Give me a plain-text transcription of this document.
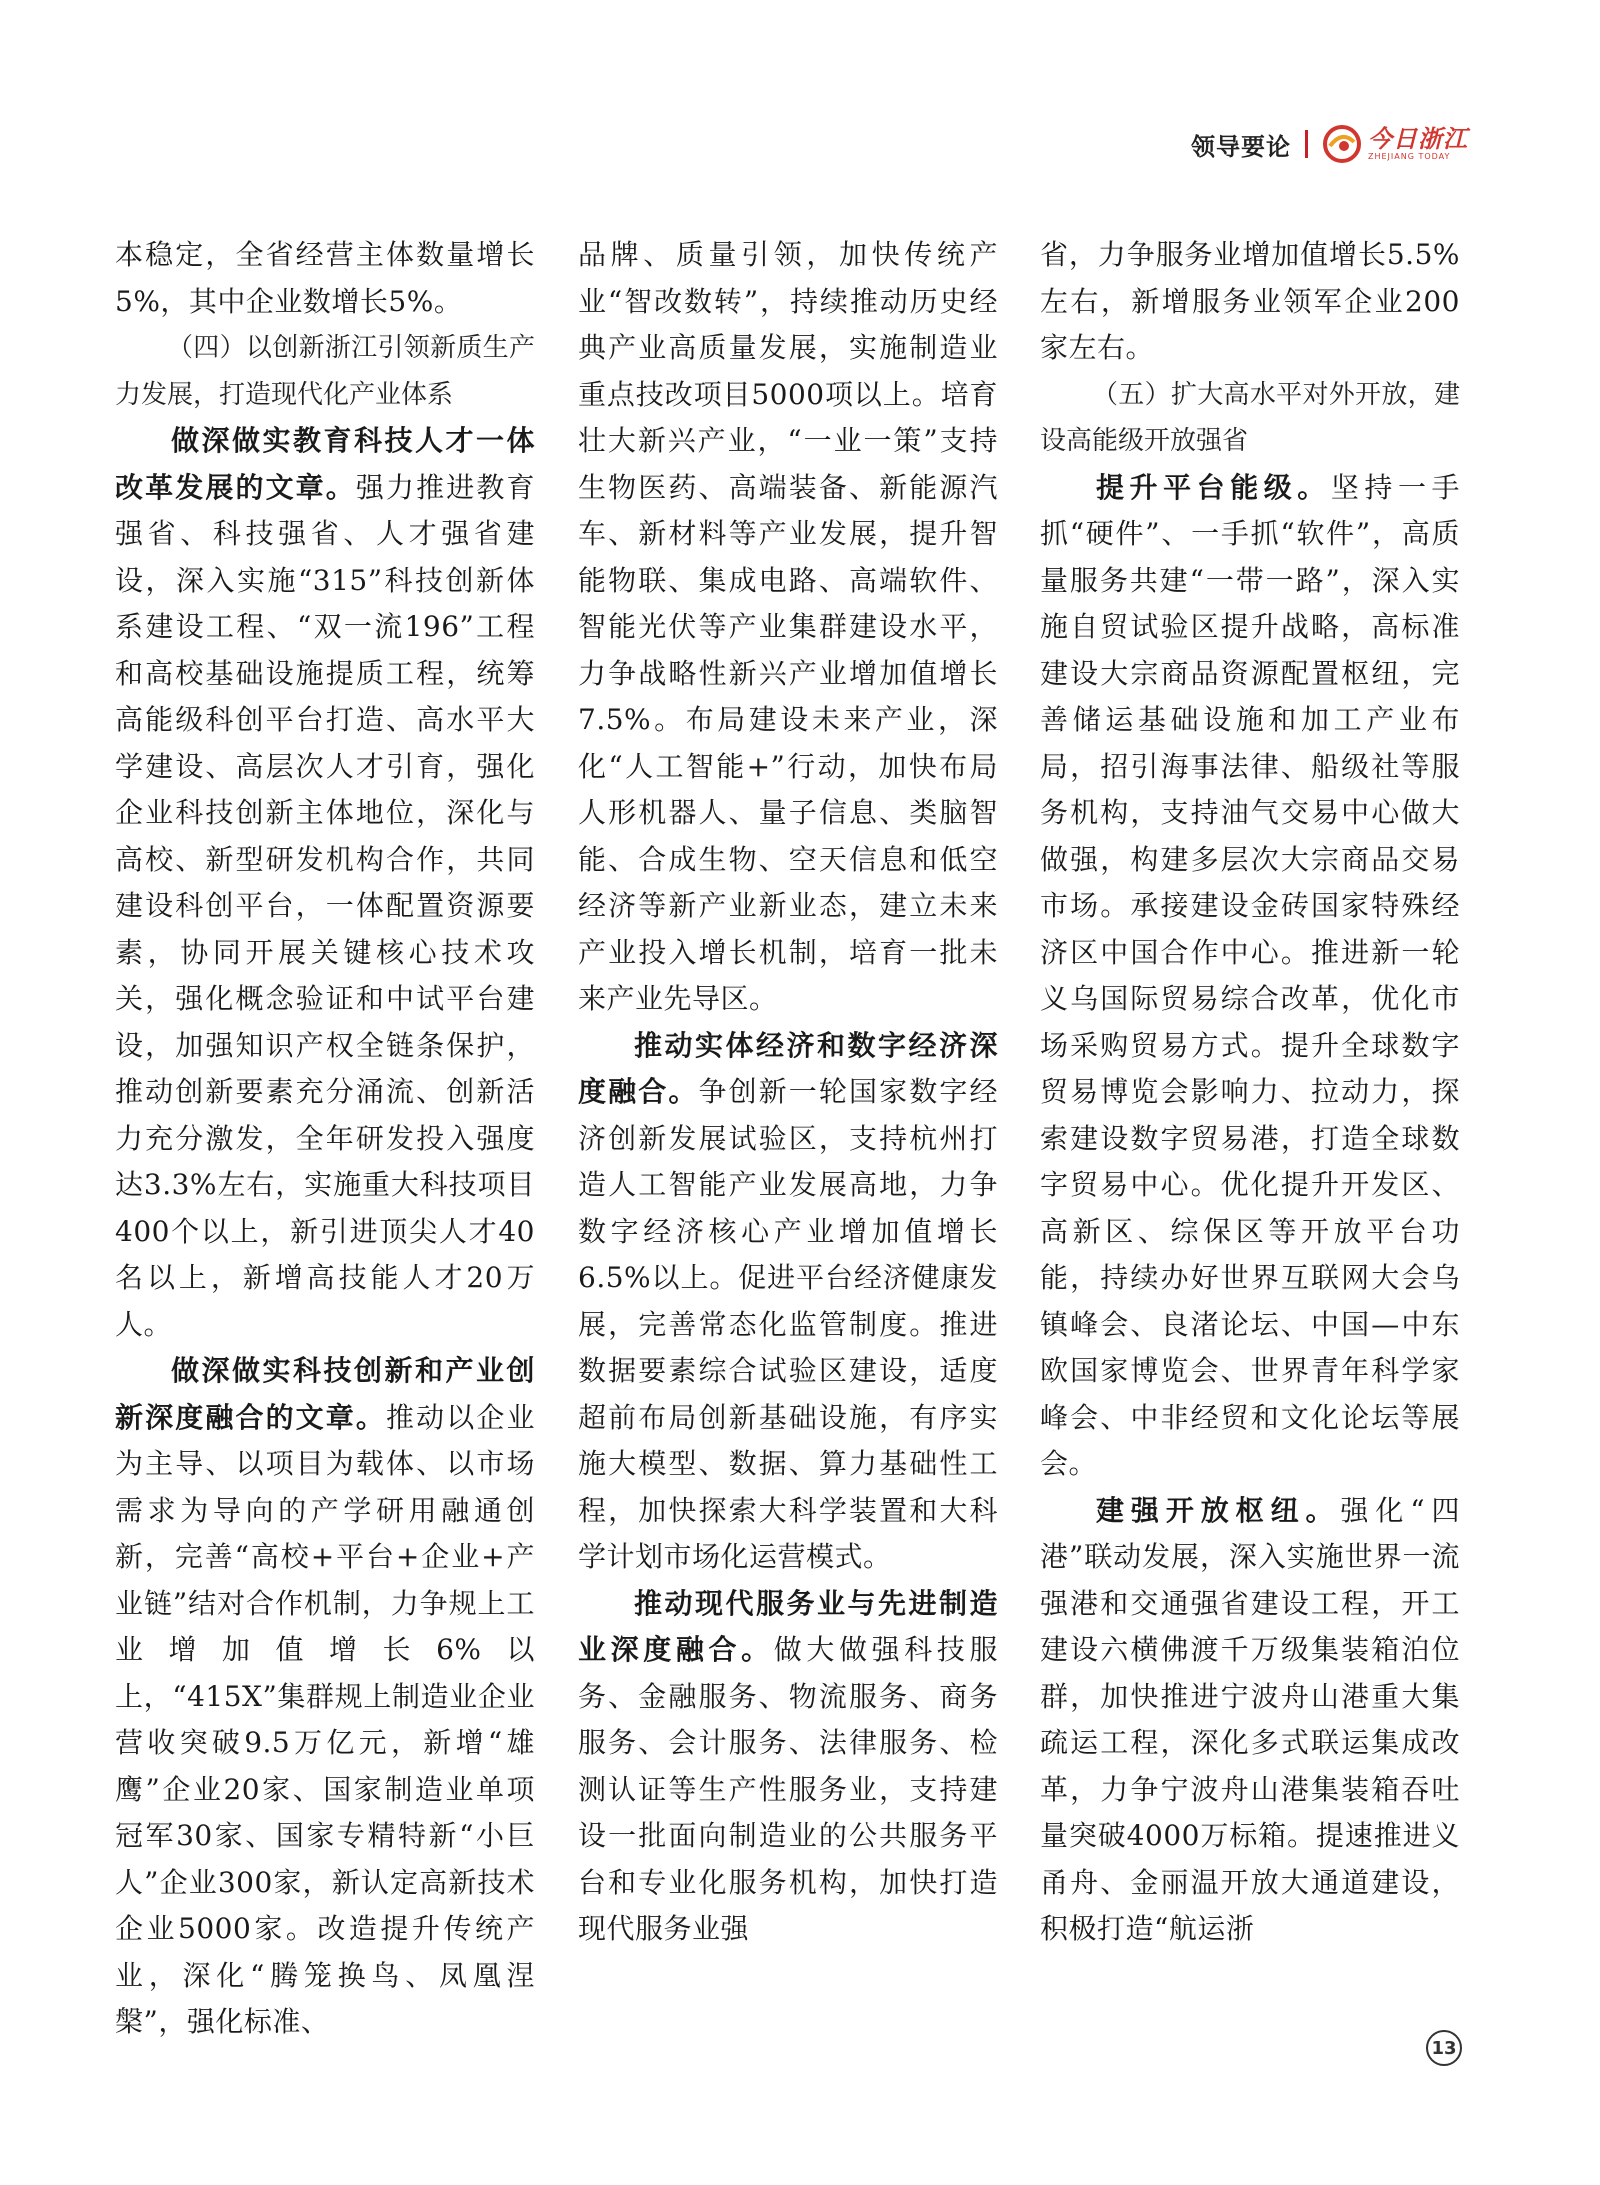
领导要论	今日浙江
ZHEJIANG TODAY

本稳定，全省经营主体数量增长5%，其中企业数增长5%。

（四）以创新浙江引领新质生产力发展，打造现代化产业体系

做深做实教育科技人才一体改革发展的文章。强力推进教育强省、科技强省、人才强省建设，深入实施“315”科技创新体系建设工程、“双一流196”工程和高校基础设施提质工程，统筹高能级科创平台打造、高水平大学建设、高层次人才引育，强化企业科技创新主体地位，深化与高校、新型研发机构合作，共同建设科创平台，一体配置资源要素，协同开展关键核心技术攻关，强化概念验证和中试平台建设，加强知识产权全链条保护，推动创新要素充分涌流、创新活力充分激发，全年研发投入强度达3.3%左右，实施重大科技项目400个以上，新引进顶尖人才40名以上，新增高技能人才20万人。

做深做实科技创新和产业创新深度融合的文章。推动以企业为主导、以项目为载体、以市场需求为导向的产学研用融通创新，完善“高校+平台+企业+产业链”结对合作机制，力争规上工业增加值增长6%以上，“415X”集群规上制造业企业营收突破9.5万亿元，新增“雄鹰”企业20家、国家制造业单项冠军30家、国家专精特新“小巨人”企业300家，新认定高新技术企业5000家。改造提升传统产业，深化“腾笼换鸟、凤凰涅槃”，强化标准、

品牌、质量引领，加快传统产业“智改数转”，持续推动历史经典产业高质量发展，实施制造业重点技改项目5000项以上。培育壮大新兴产业，“一业一策”支持生物医药、高端装备、新能源汽车、新材料等产业发展，提升智能物联、集成电路、高端软件、智能光伏等产业集群建设水平，力争战略性新兴产业增加值增长7.5%。布局建设未来产业，深化“人工智能+”行动，加快布局人形机器人、量子信息、类脑智能、合成生物、空天信息和低空经济等新产业新业态，建立未来产业投入增长机制，培育一批未来产业先导区。

推动实体经济和数字经济深度融合。争创新一轮国家数字经济创新发展试验区，支持杭州打造人工智能产业发展高地，力争数字经济核心产业增加值增长6.5%以上。促进平台经济健康发展，完善常态化监管制度。推进数据要素综合试验区建设，适度超前布局创新基础设施，有序实施大模型、数据、算力基础性工程，加快探索大科学装置和大科学计划市场化运营模式。

推动现代服务业与先进制造业深度融合。做大做强科技服务、金融服务、物流服务、商务服务、会计服务、法律服务、检测认证等生产性服务业，支持建设一批面向制造业的公共服务平台和专业化服务机构，加快打造现代服务业强

省，力争服务业增加值增长5.5%左右，新增服务业领军企业200家左右。

（五）扩大高水平对外开放，建设高能级开放强省

提升平台能级。坚持一手抓“硬件”、一手抓“软件”，高质量服务共建“一带一路”，深入实施自贸试验区提升战略，高标准建设大宗商品资源配置枢纽，完善储运基础设施和加工产业布局，招引海事法律、船级社等服务机构，支持油气交易中心做大做强，构建多层次大宗商品交易市场。承接建设金砖国家特殊经济区中国合作中心。推进新一轮义乌国际贸易综合改革，优化市场采购贸易方式。提升全球数字贸易博览会影响力、拉动力，探索建设数字贸易港，打造全球数字贸易中心。优化提升开发区、高新区、综保区等开放平台功能，持续办好世界互联网大会乌镇峰会、良渚论坛、中国—中东欧国家博览会、世界青年科学家峰会、中非经贸和文化论坛等展会。

建强开放枢纽。强化“四港”联动发展，深入实施世界一流强港和交通强省建设工程，开工建设六横佛渡千万级集装箱泊位群，加快推进宁波舟山港重大集疏运工程，深化多式联运集成改革，力争宁波舟山港集装箱吞吐量突破4000万标箱。提速推进义甬舟、金丽温开放大通道建设，积极打造“航运浙

13
